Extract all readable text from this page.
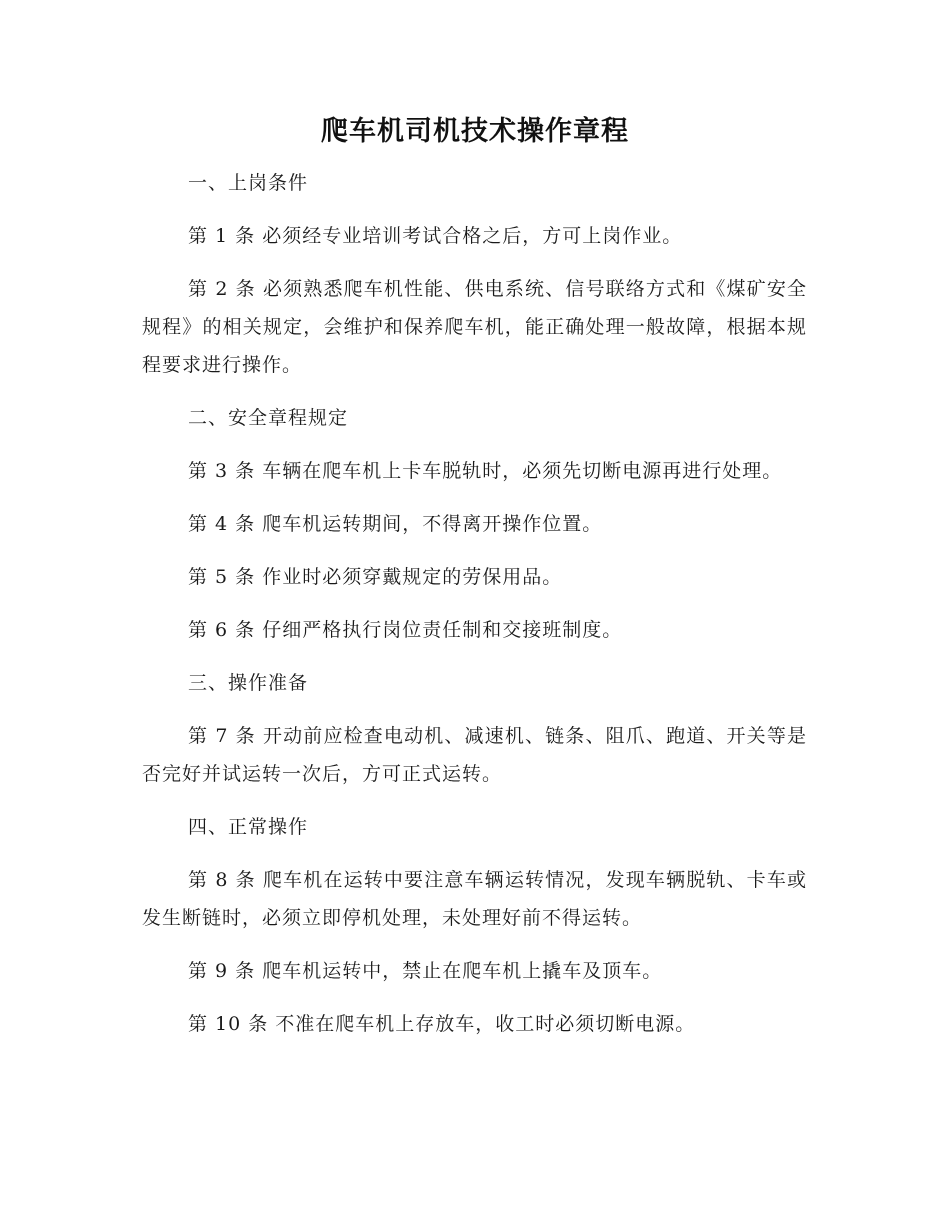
爬车机司机技术操作章程

一、上岗条件

第 1 条 必须经专业培训考试合格之后，方可上岗作业。

第 2 条 必须熟悉爬车机性能、供电系统、信号联络方式和《煤矿安全规程》的相关规定，会维护和保养爬车机，能正确处理一般故障，根据本规程要求进行操作。

二、安全章程规定

第 3 条 车辆在爬车机上卡车脱轨时，必须先切断电源再进行处理。

第 4 条 爬车机运转期间，不得离开操作位置。

第 5 条 作业时必须穿戴规定的劳保用品。

第 6 条 仔细严格执行岗位责任制和交接班制度。

三、操作准备

第 7 条 开动前应检查电动机、减速机、链条、阻爪、跑道、开关等是否完好并试运转一次后，方可正式运转。

四、正常操作

第 8 条 爬车机在运转中要注意车辆运转情况，发现车辆脱轨、卡车或发生断链时，必须立即停机处理，未处理好前不得运转。

第 9 条 爬车机运转中，禁止在爬车机上撬车及顶车。

第 10 条 不准在爬车机上存放车，收工时必须切断电源。
